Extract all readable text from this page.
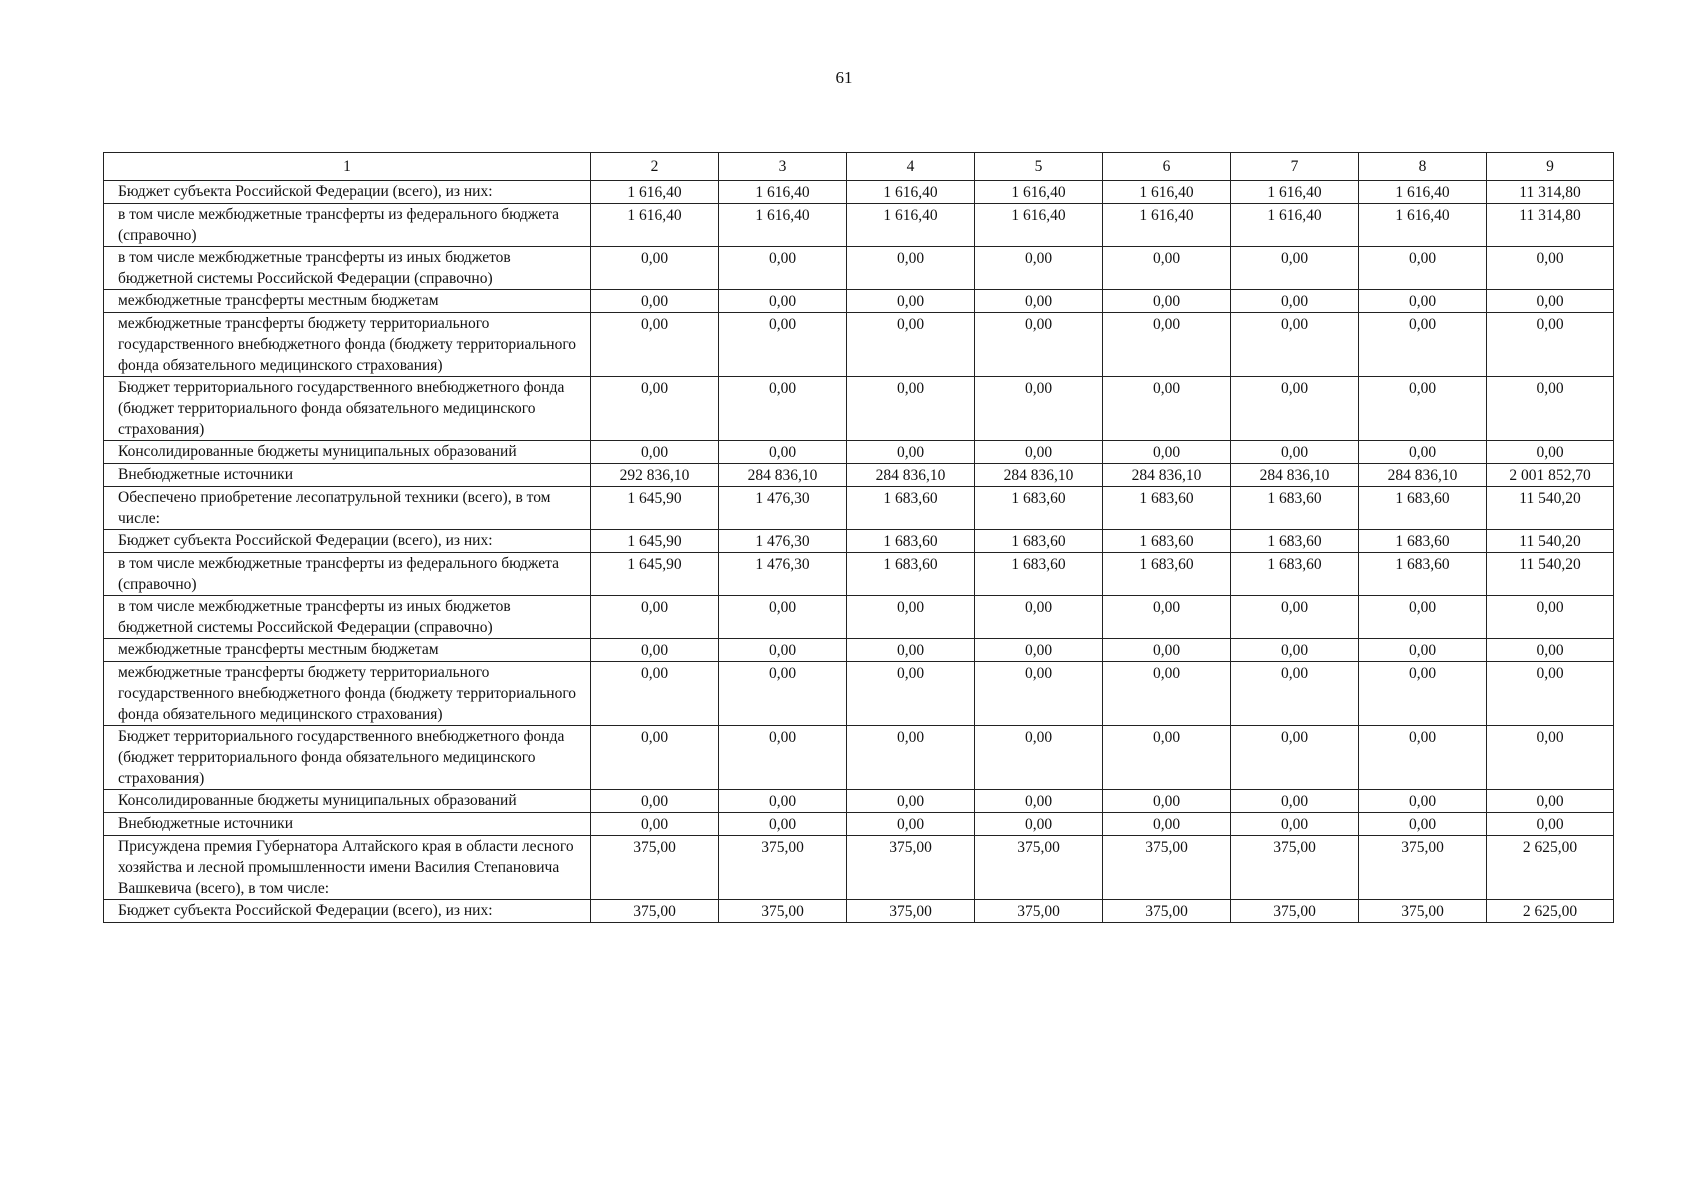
61
1	2	3	4	5	6	7	8	9
Бюджет субъекта Российской Федерации (всего), из них:	1 616,40	1 616,40	1 616,40	1 616,40	1 616,40	1 616,40	1 616,40	11 314,80
в том числе межбюджетные трансферты из федерального бюджета (справочно)	1 616,40	1 616,40	1 616,40	1 616,40	1 616,40	1 616,40	1 616,40	11 314,80
в том числе межбюджетные трансферты из иных бюджетов бюджетной системы Российской Федерации (справочно)	0,00	0,00	0,00	0,00	0,00	0,00	0,00	0,00
межбюджетные трансферты местным бюджетам	0,00	0,00	0,00	0,00	0,00	0,00	0,00	0,00
межбюджетные трансферты бюджету территориального государственного внебюджетного фонда (бюджету территориального фонда обязательного медицинского страхования)	0,00	0,00	0,00	0,00	0,00	0,00	0,00	0,00
Бюджет территориального государственного внебюджетного фонда (бюджет территориального фонда обязательного медицинского страхования)	0,00	0,00	0,00	0,00	0,00	0,00	0,00	0,00
Консолидированные бюджеты муниципальных образований	0,00	0,00	0,00	0,00	0,00	0,00	0,00	0,00
Внебюджетные источники	292 836,10	284 836,10	284 836,10	284 836,10	284 836,10	284 836,10	284 836,10	2 001 852,70
Обеспечено приобретение лесопатрульной техники (всего), в том числе:	1 645,90	1 476,30	1 683,60	1 683,60	1 683,60	1 683,60	1 683,60	11 540,20
Бюджет субъекта Российской Федерации (всего), из них:	1 645,90	1 476,30	1 683,60	1 683,60	1 683,60	1 683,60	1 683,60	11 540,20
в том числе межбюджетные трансферты из федерального бюджета (справочно)	1 645,90	1 476,30	1 683,60	1 683,60	1 683,60	1 683,60	1 683,60	11 540,20
в том числе межбюджетные трансферты из иных бюджетов бюджетной системы Российской Федерации (справочно)	0,00	0,00	0,00	0,00	0,00	0,00	0,00	0,00
межбюджетные трансферты местным бюджетам	0,00	0,00	0,00	0,00	0,00	0,00	0,00	0,00
межбюджетные трансферты бюджету территориального государственного внебюджетного фонда (бюджету территориального фонда обязательного медицинского страхования)	0,00	0,00	0,00	0,00	0,00	0,00	0,00	0,00
Бюджет территориального государственного внебюджетного фонда (бюджет территориального фонда обязательного медицинского страхования)	0,00	0,00	0,00	0,00	0,00	0,00	0,00	0,00
Консолидированные бюджеты муниципальных образований	0,00	0,00	0,00	0,00	0,00	0,00	0,00	0,00
Внебюджетные источники	0,00	0,00	0,00	0,00	0,00	0,00	0,00	0,00
Присуждена премия Губернатора Алтайского края в области лесного хозяйства и лесной промышленности имени Василия Степановича Вашкевича (всего), в том числе:	375,00	375,00	375,00	375,00	375,00	375,00	375,00	2 625,00
Бюджет субъекта Российской Федерации (всего), из них:	375,00	375,00	375,00	375,00	375,00	375,00	375,00	2 625,00
